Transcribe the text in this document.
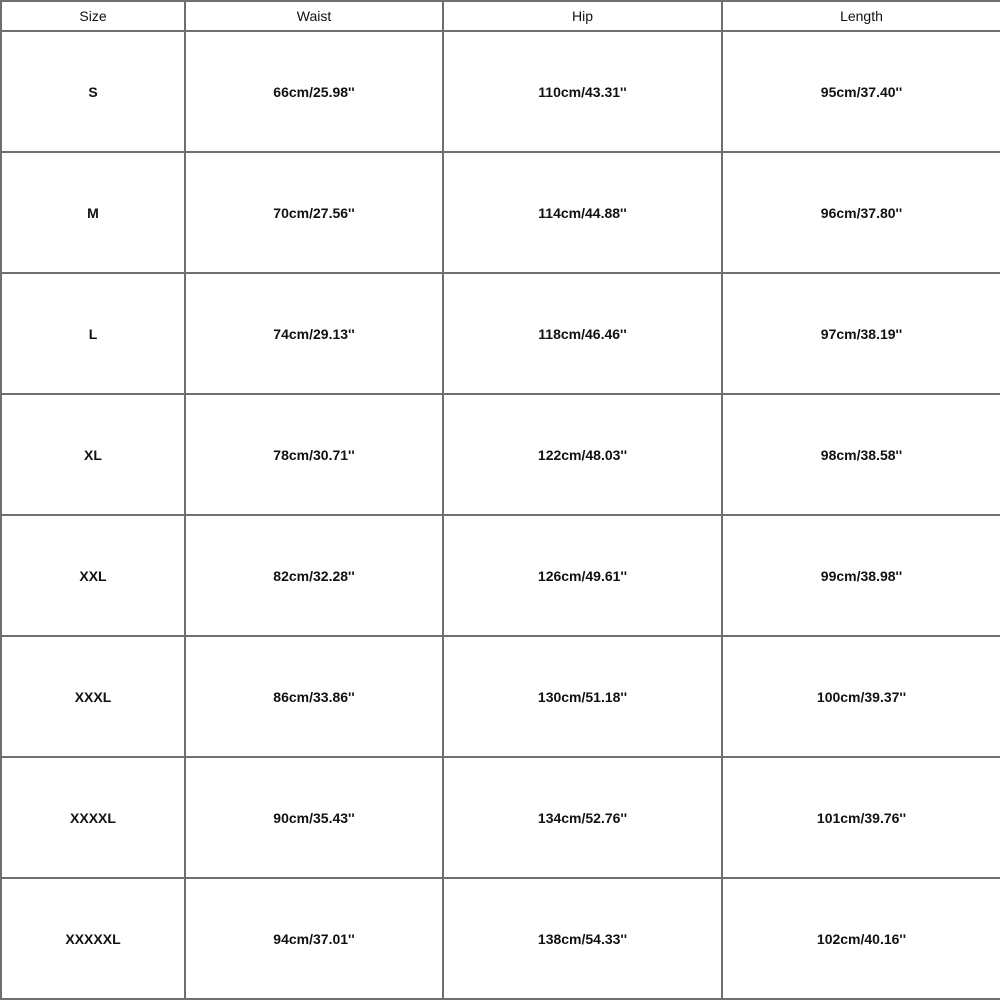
Size	Waist	Hip	Length
S	66cm/25.98''	110cm/43.31''	95cm/37.40''
M	70cm/27.56''	114cm/44.88''	96cm/37.80''
L	74cm/29.13''	118cm/46.46''	97cm/38.19''
XL	78cm/30.71''	122cm/48.03''	98cm/38.58''
XXL	82cm/32.28''	126cm/49.61''	99cm/38.98''
XXXL	86cm/33.86''	130cm/51.18''	100cm/39.37''
XXXXL	90cm/35.43''	134cm/52.76''	101cm/39.76''
XXXXXL	94cm/37.01''	138cm/54.33''	102cm/40.16''
